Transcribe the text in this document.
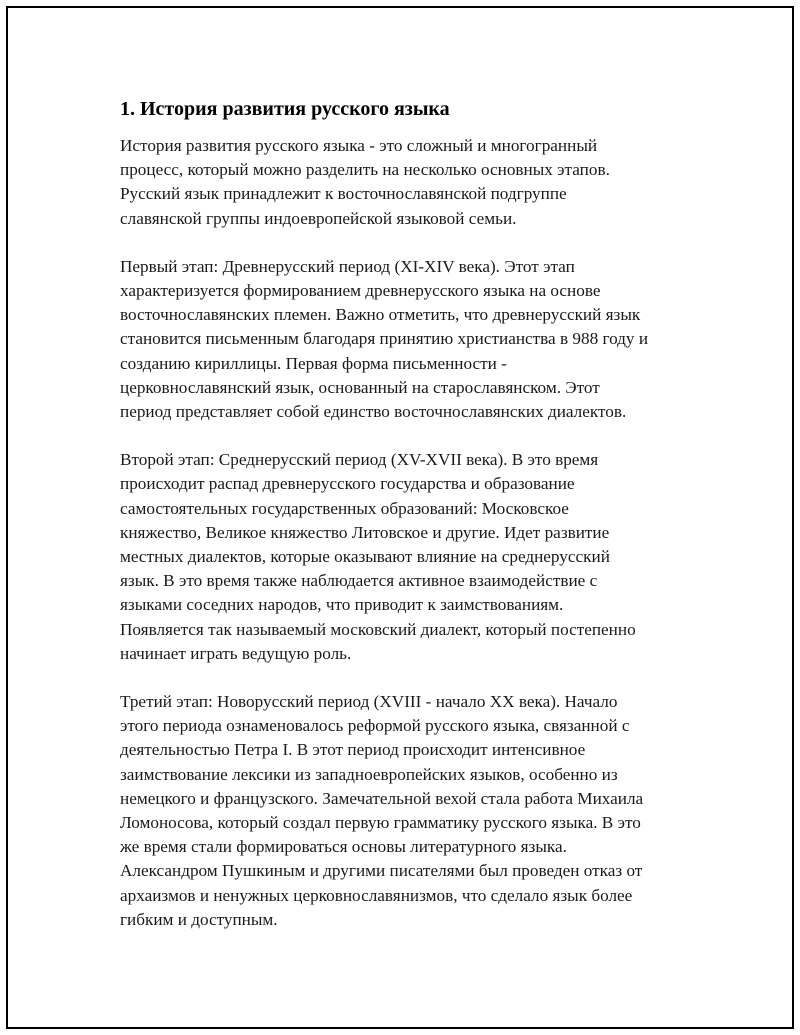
1. История развития русского языка
История развития русского языка - это сложный и многогранный
процесс, который можно разделить на несколько основных этапов.
Русский язык принадлежит к восточнославянской подгруппе
славянской группы индоевропейской языковой семьи.
Первый этап: Древнерусский период (XI-XIV века). Этот этап
характеризуется формированием древнерусского языка на основе
восточнославянских племен. Важно отметить, что древнерусский язык
становится письменным благодаря принятию христианства в 988 году и
созданию кириллицы. Первая форма письменности -
церковнославянский язык, основанный на старославянском. Этот
период представляет собой единство восточнославянских диалектов.
Второй этап: Среднерусский период (XV-XVII века). В это время
происходит распад древнерусского государства и образование
самостоятельных государственных образований: Московское
княжество, Великое княжество Литовское и другие. Идет развитие
местных диалектов, которые оказывают влияние на среднерусский
язык. В это время также наблюдается активное взаимодействие с
языками соседних народов, что приводит к заимствованиям.
Появляется так называемый московский диалект, который постепенно
начинает играть ведущую роль.
Третий этап: Новорусский период (XVIII - начало XX века). Начало
этого периода ознаменовалось реформой русского языка, связанной с
деятельностью Петра I. В этот период происходит интенсивное
заимствование лексики из западноевропейских языков, особенно из
немецкого и французского. Замечательной вехой стала работа Михаила
Ломоносова, который создал первую грамматику русского языка. В это
же время стали формироваться основы литературного языка.
Александром Пушкиным и другими писателями был проведен отказ от
архаизмов и ненужных церковнославянизмов, что сделало язык более
гибким и доступным.
